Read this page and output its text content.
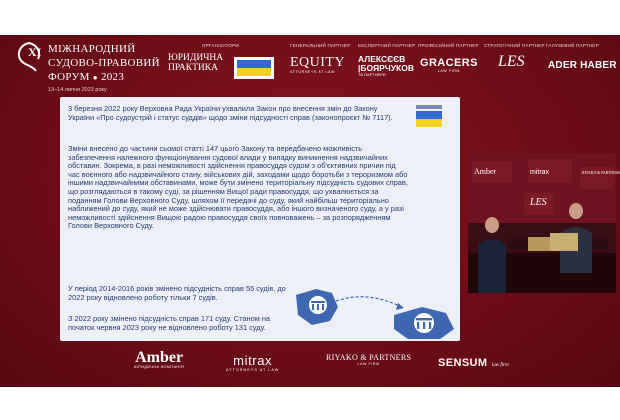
XI МІЖНАРОДНИЙ
СУДОВО-ПРАВОВИЙ
ФОРУМ ● 2023
13–14 липня 2023 року
ОРГАНІЗАТОРИ	ГЕНЕРАЛЬНИЙ ПАРТНЕР ЕКСПЕРТНИЙ ПАРТНЕР ПРОФЕСІЙНИЙ ПАРТНЕР СТРАТЕГІЧНИЙ ПАРТНЕР ГАЛУЗЕВИЙ ПАРТНЕР
ЮРИДИЧНА
ПРАКТИКА	EQUITY
ATTORNEYS AT LAW
АЛЕКСЄЄВ
|БОЯРЧУКОВ
ТА ПАРТНЕРИ
GRACERS
LAW FIRM
LES ADER HABER
3 березня 2022 року Верховна Рада України ухвалила Закон про внесення змін до Закону України «Про судоустрій і статус суддів» щодо зміни підсудності справ (законопроєкт № 7117).
Зміни внесено до частини сьомої статті 147 цього Закону та передбачено можливість забезпечення належного функціонування судової влади у випадку виникнення надзвичайних обставин. Зокрема, в разі неможливості здійснення правосуддя судом з об'єктивних причин під час воєнного або надзвичайного стану, військових дій, заходами щодо боротьби з тероризмом або іншими надзвичайними обставинами, може бути змінено територіальну підсудність судових справ, що розглядаються в такому суді, за рішенням Вищої ради правосуддя, що ухвалюється за поданням Голови Верховного Суду, шляхом її передачі до суду, який найбільш територіально наближений до суду, який не може здійснювати правосуддя, або іншого визначеного суду, а у разі неможливості здійснення Вищою радою правосуддя своїх повноважень – за розпорядженням Голови Верховного Суду.
У період 2014-2016 років змінено підсудність справ 55 судів, до 2022 року відновлено роботу тільки 7 судів.
З 2022 року змінено підсудність справ 171 суду. Станом на початок червня 2023 року не відновлено роботу 131 суду.
Amber	mitrax	RIYAKO & PARTNERS
LES
Amber
ЮРИДИЧНА КОМПАНІЯ	mitrax
ATTORNEYS AT LAW
RIYAKO & PARTNERS
LAW FIRM	SENSUM law firm
